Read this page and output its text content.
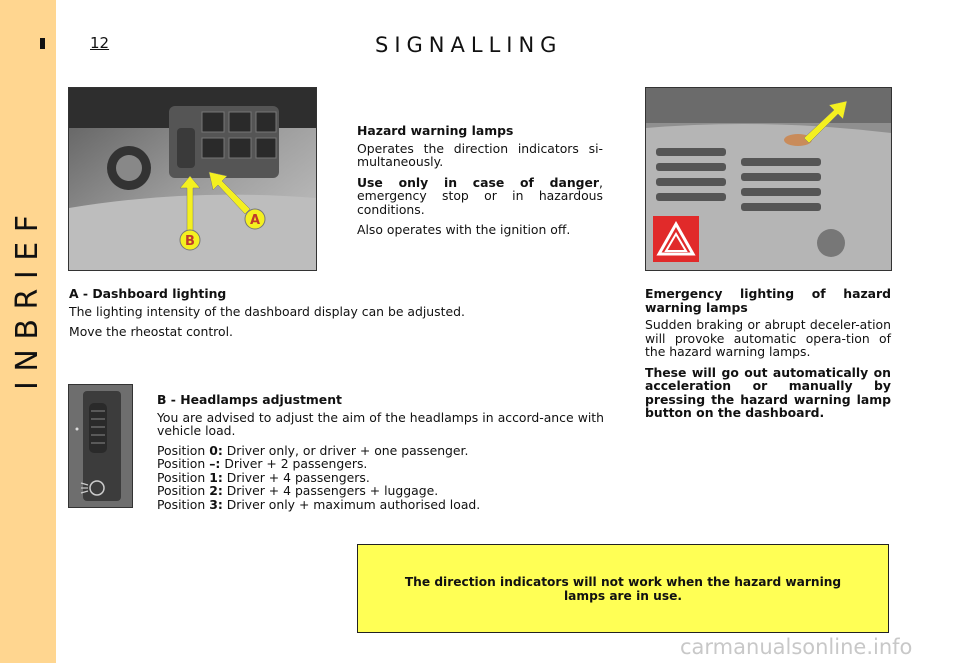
I N B R I E F
12	SIGNALLING
A
B

Hazard warning lamps

Operates the direction indicators si-multaneously.

Use only in case of danger, emergency stop or in hazardous conditions.

Also operates with the ignition off.

A - Dashboard lighting

The lighting intensity of the dashboard display can be adjusted.

Move the rheostat control.

Emergency lighting of hazard warning lamps

Sudden braking or abrupt deceler-ation will provoke automatic opera-tion of the hazard warning lamps.

These will go out automatically on acceleration or manually by pressing the hazard warning lamp button on the dashboard.

B - Headlamps adjustment

You are advised to adjust the aim of the headlamps in accord-ance with vehicle load.

Position 0: Driver only, or driver + one passenger.

Position –: Driver + 2 passengers.

Position 1: Driver + 4 passengers.

Position 2: Driver + 4 passengers + luggage.

Position 3: Driver only + maximum authorised load.

The direction indicators will not work when the hazard warning lamps are in use.
carmanualsonline.info
